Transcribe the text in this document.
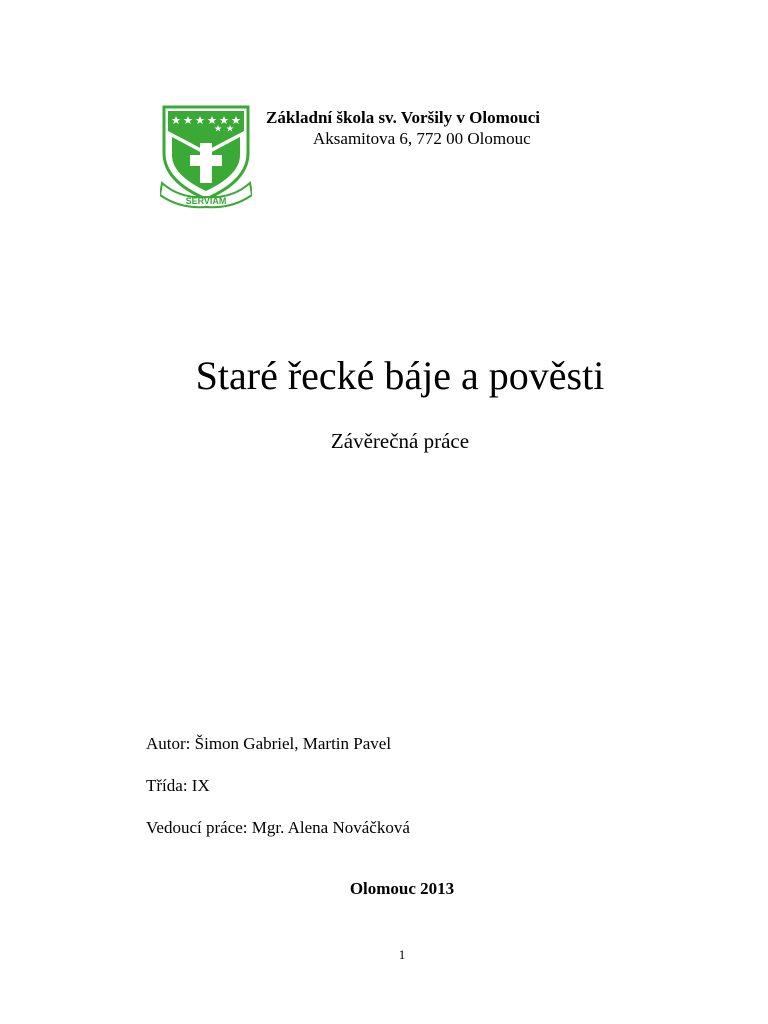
SERVIAM
Základní škola sv. Voršily v Olomouci
Aksamitova 6, 772 00 Olomouc
Staré řecké báje a pověsti
Závěrečná práce
Autor: Šimon Gabriel, Martin Pavel
Třída: IX
Vedoucí práce: Mgr. Alena Nováčková
Olomouc 2013
1
